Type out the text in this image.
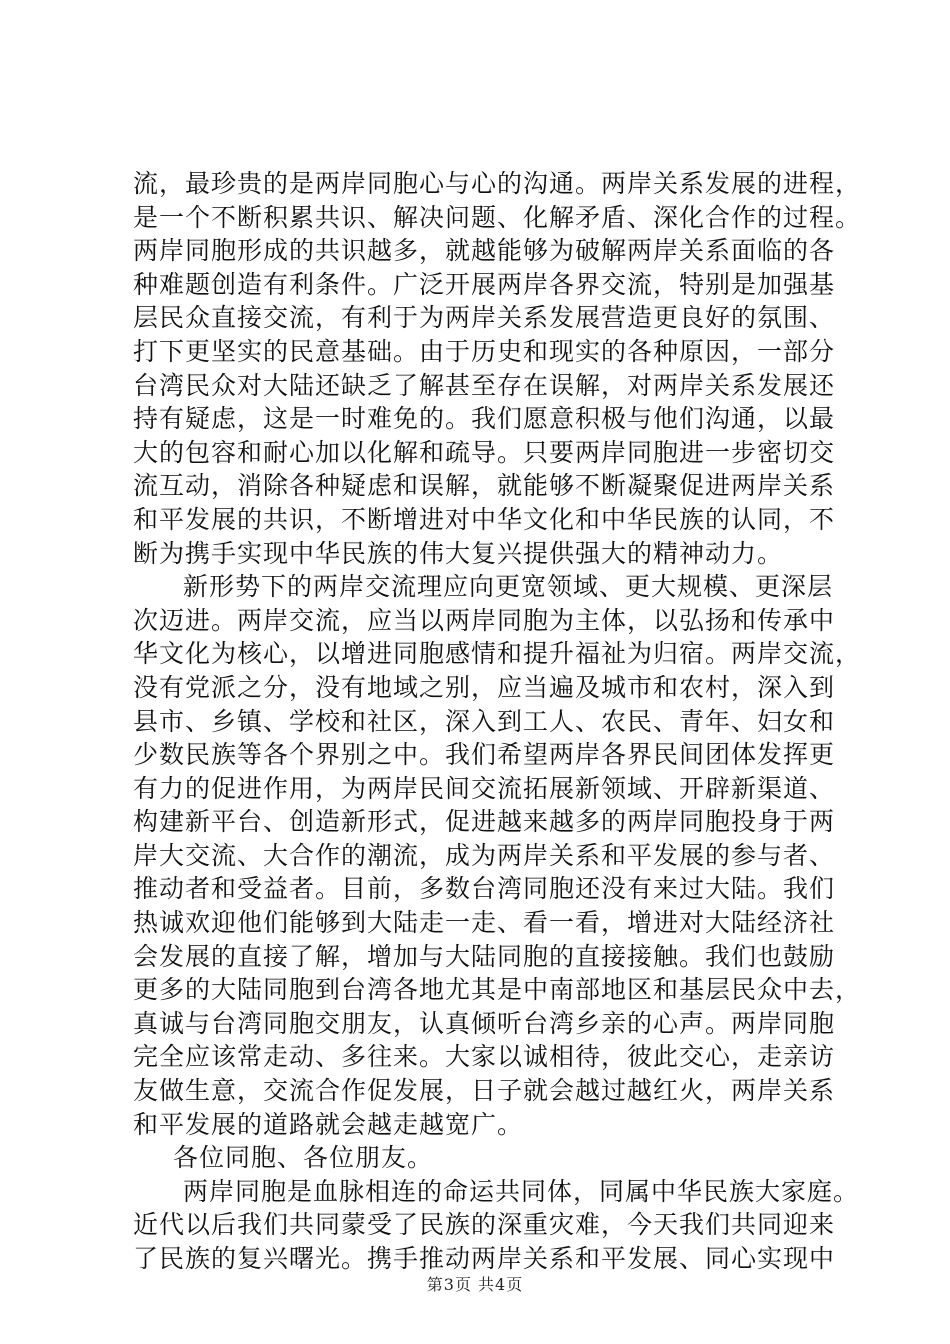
流，最珍贵的是两岸同胞心与心的沟通。两岸关系发展的进程，
是一个不断积累共识、解决问题、化解矛盾、深化合作的过程。
两岸同胞形成的共识越多，就越能够为破解两岸关系面临的各
种难题创造有利条件。广泛开展两岸各界交流，特别是加强基
层民众直接交流，有利于为两岸关系发展营造更良好的氛围、
打下更坚实的民意基础。由于历史和现实的各种原因，一部分
台湾民众对大陆还缺乏了解甚至存在误解，对两岸关系发展还
持有疑虑，这是一时难免的。我们愿意积极与他们沟通，以最
大的包容和耐心加以化解和疏导。只要两岸同胞进一步密切交
流互动，消除各种疑虑和误解，就能够不断凝聚促进两岸关系
和平发展的共识，不断增进对中华文化和中华民族的认同，不
断为携手实现中华民族的伟大复兴提供强大的精神动力。
新形势下的两岸交流理应向更宽领域、更大规模、更深层
次迈进。两岸交流，应当以两岸同胞为主体，以弘扬和传承中
华文化为核心，以增进同胞感情和提升福祉为归宿。两岸交流，
没有党派之分，没有地域之别，应当遍及城市和农村，深入到
县市、乡镇、学校和社区，深入到工人、农民、青年、妇女和
少数民族等各个界别之中。我们希望两岸各界民间团体发挥更
有力的促进作用，为两岸民间交流拓展新领域、开辟新渠道、
构建新平台、创造新形式，促进越来越多的两岸同胞投身于两
岸大交流、大合作的潮流，成为两岸关系和平发展的参与者、
推动者和受益者。目前，多数台湾同胞还没有来过大陆。我们
热诚欢迎他们能够到大陆走一走、看一看，增进对大陆经济社
会发展的直接了解，增加与大陆同胞的直接接触。我们也鼓励
更多的大陆同胞到台湾各地尤其是中南部地区和基层民众中去，
真诚与台湾同胞交朋友，认真倾听台湾乡亲的心声。两岸同胞
完全应该常走动、多往来。大家以诚相待，彼此交心，走亲访
友做生意，交流合作促发展，日子就会越过越红火，两岸关系
和平发展的道路就会越走越宽广。
各位同胞、各位朋友。
两岸同胞是血脉相连的命运共同体，同属中华民族大家庭。
近代以后我们共同蒙受了民族的深重灾难，今天我们共同迎来
了民族的复兴曙光。携手推动两岸关系和平发展、同心实现中
第3页 共4页
